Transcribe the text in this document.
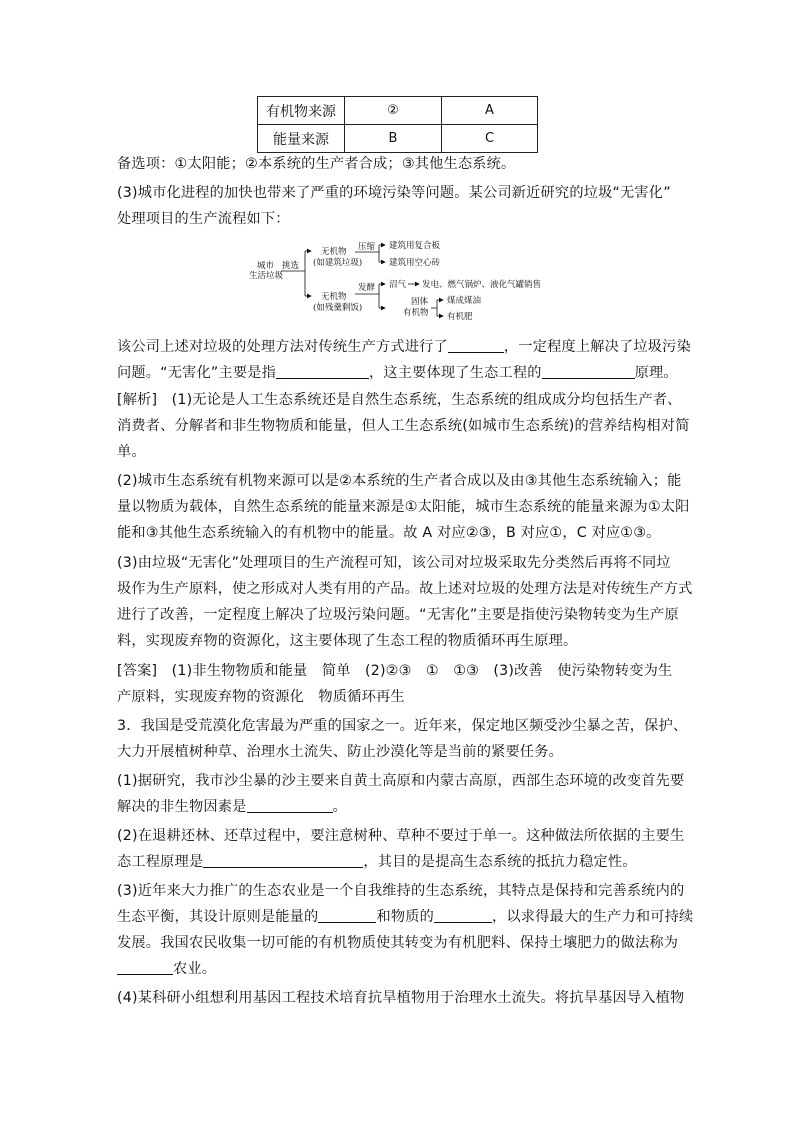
有机物来源	②	A
能量来源	B	C
备选项：①太阳能；②本系统的生产者合成；③其他生态系统。
(3)城市化进程的加快也带来了严重的环境污染等问题。某公司新近研究的垃圾“无害化”
处理项目的生产流程如下：
城市
生活垃圾
挑选
无机物
(如建筑垃圾)
压缩 建筑用复合板
建筑用空心砖
无机物
(如残羹剩饭)
发酵 沼气 发电、燃气锅炉、液化气罐销售
固体
有机物
煤成煤油
有机肥
该公司上述对垃圾的处理方法对传统生产方式进行了	，一定程度上解决了垃圾污染
问题。“无害化”主要是指	，这主要体现了生态工程的	原理。
[解析]　(1)无论是人工生态系统还是自然生态系统，生态系统的组成成分均包括生产者、
消费者、分解者和非生物物质和能量，但人工生态系统(如城市生态系统)的营养结构相对简
单。
(2)城市生态系统有机物来源可以是②本系统的生产者合成以及由③其他生态系统输入；能
量以物质为载体，自然生态系统的能量来源是①太阳能，城市生态系统的能量来源为①太阳
能和③其他生态系统输入的有机物中的能量。故 A 对应②③，B 对应①，C 对应①③。
(3)由垃圾“无害化”处理项目的生产流程可知，该公司对垃圾采取先分类然后再将不同垃
圾作为生产原料，使之形成对人类有用的产品。故上述对垃圾的处理方法是对传统生产方式
进行了改善，一定程度上解决了垃圾污染问题。“无害化”主要是指使污染物转变为生产原
料，实现废弃物的资源化，这主要体现了生态工程的物质循环再生原理。
[答案]　(1)非生物物质和能量　简单　(2)②③　①　①③　(3)改善　使污染物转变为生
产原料，实现废弃物的资源化　物质循环再生
3．我国是受荒漠化危害最为严重的国家之一。近年来，保定地区频受沙尘暴之苦，保护、
大力开展植树种草、治理水土流失、防止沙漠化等是当前的紧要任务。
(1)据研究，我市沙尘暴的沙主要来自黄土高原和内蒙古高原，西部生态环境的改变首先要
解决的非生物因素是	。
(2)在退耕还林、还草过程中，要注意树种、草种不要过于单一。这种做法所依据的主要生
态工程原理是	，其目的是提高生态系统的抵抗力稳定性。
(3)近年来大力推广的生态农业是一个自我维持的生态系统，其特点是保持和完善系统内的
生态平衡，其设计原则是能量的	和物质的	，以求得最大的生产力和可持续
发展。我国农民收集一切可能的有机物质使其转变为有机肥料、保持土壤肥力的做法称为
农业。
(4)某科研小组想利用基因工程技术培育抗旱植物用于治理水土流失。将抗旱基因导入植物
